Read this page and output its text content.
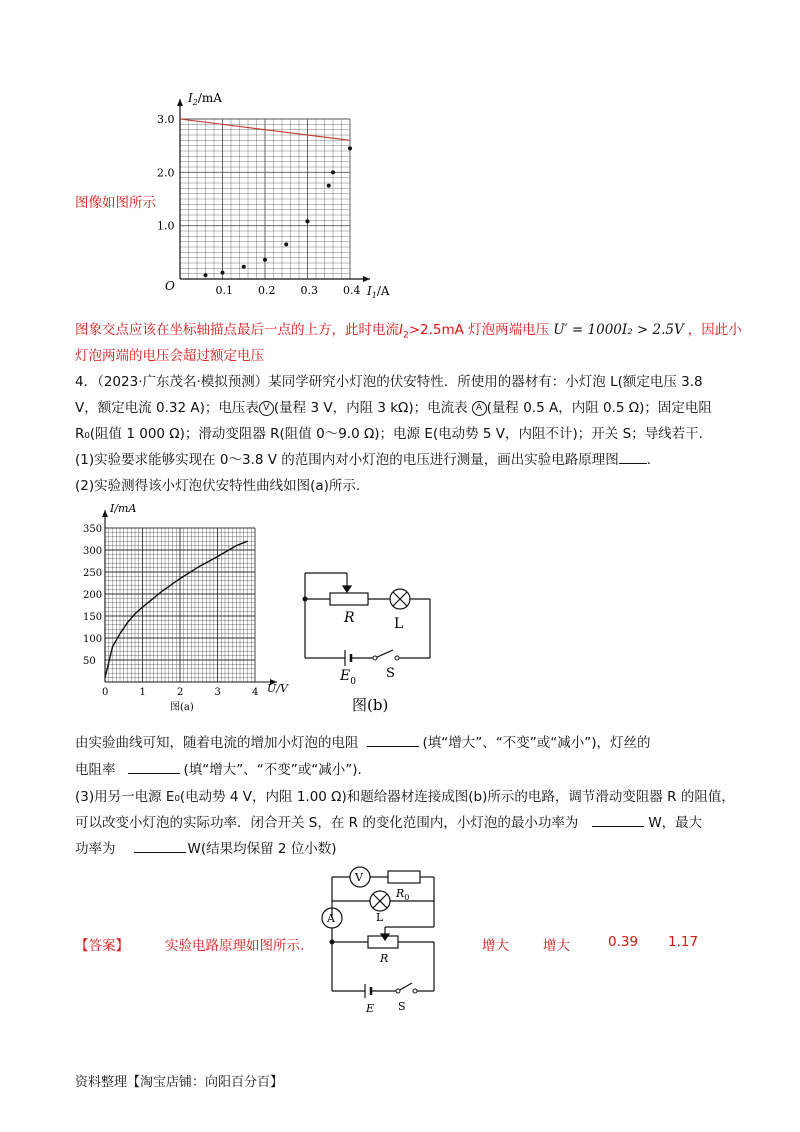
3.0
2.0
1.0
0.1 0.2 0.3 0.4
$I_2/mA$
$I_1/A$
O
图像如图所示
图象交点应该在坐标轴描点最后一点的上方，此时电流$I_2>2.5mA$ 灯泡两端电压 U′ = 1000I₂ > 2.5V ，因此小
灯泡两端的电压会超过额定电压
4．（2023·广东茂名·模拟预测）某同学研究小灯泡的伏安特性．所使用的器材有：小灯泡 L(额定电压 3.8
V，额定电流 0.32 A)；电压表 V (量程 3 V，内阻 3 kΩ)；电流表 A (量程 0.5 A，内阻 0.5 Ω)；固定电阻
R₀(阻值 1 000 Ω)；滑动变阻器 R(阻值 0～9.0 Ω)；电源 E(电动势 5 V，内阻不计)；开关 S；导线若干.
(1)实验要求能够实现在 0～3.8 V 的范围内对小灯泡的电压进行测量，画出实验电路原理图 .
(2)实验测得该小灯泡伏安特性曲线如图(a)所示.
350
300
250
200
150
100
50
0	1	2	3	4
I/mA
U/V
图(a)
R	L
$E_0$
S
图(b)
由实验曲线可知，随着电流的增加小灯泡的电阻	(填“增大”、“不变”或“减小”)，灯丝的
电阻率	(填“增大”、“不变”或“减小”).
(3)用另一电源 E₀(电动势 4 V，内阻 1.00 Ω)和题给器材连接成图(b)所示的电路，调节滑动变阻器 R 的阻值，
可以改变小灯泡的实际功率．闭合开关 S，在 R 的变化范围内，小灯泡的最小功率为	W，最大
功率为	W(结果均保留 2 位小数)
【答案】	实验电路原理如图所示.	增大	增大	0.39 1.17
V
A
$R_0$
L
R
E S
资料整理【淘宝店铺：向阳百分百】
